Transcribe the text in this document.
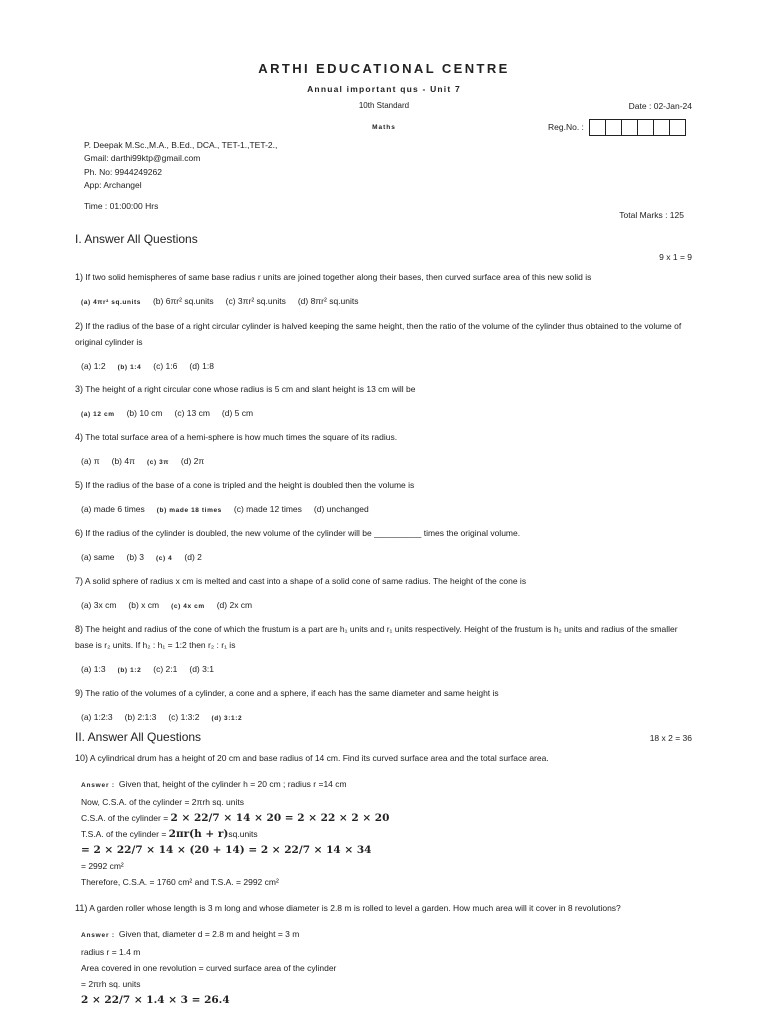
ARTHI EDUCATIONAL CENTRE
Annual important qus - Unit 7
10th Standard	Date : 02-Jan-24
Maths	Reg.No. :
P. Deepak M.Sc.,M.A., B.Ed., DCA., TET-1.,TET-2.,
Gmail: darthi99ktp@gmail.com
Ph. No: 9944249262
App: Archangel
Time : 01:00:00 Hrs
Total Marks : 125
I. Answer All Questions
9 x 1 = 9
1) If two solid hemispheres of same base radius r units are joined together along their bases, then curved surface area of this new solid is
(a) 4πr² sq.units (b) 6πr² sq.units (c) 3πr² sq.units (d) 8πr² sq.units
2) If the radius of the base of a right circular cylinder is halved keeping the same height, then the ratio of the volume of the cylinder thus obtained to the volume of original cylinder is
(a) 1:2 (b) 1:4 (c) 1:6 (d) 1:8
3) The height of a right circular cone whose radius is 5 cm and slant height is 13 cm will be
(a) 12 cm (b) 10 cm (c) 13 cm (d) 5 cm
4) The total surface area of a hemi-sphere is how much times the square of its radius.
(a) π (b) 4π (c) 3π (d) 2π
5) If the radius of the base of a cone is tripled and the height is doubled then the volume is
(a) made 6 times (b) made 18 times (c) made 12 times (d) unchanged
6) If the radius of the cylinder is doubled, the new volume of the cylinder will be __________ times the original volume.
(a) same (b) 3 (c) 4 (d) 2
7) A solid sphere of radius x cm is melted and cast into a shape of a solid cone of same radius. The height of the cone is
(a) 3x cm (b) x cm (c) 4x cm (d) 2x cm
8) The height and radius of the cone of which the frustum is a part are h₁ units and r₁ units respectively. Height of the frustum is h₂ units and radius of the smaller base is r₂ units. If h₂ : h₁ = 1:2 then r₂ : r₁ is
(a) 1:3 (b) 1:2 (c) 2:1 (d) 3:1
9) The ratio of the volumes of a cylinder, a cone and a sphere, if each has the same diameter and same height is
(a) 1:2:3 (b) 2:1:3 (c) 1:3:2 (d) 3:1:2
II. Answer All Questions	18 x 2 = 36
10) A cylindrical drum has a height of 20 cm and base radius of 14 cm. Find its curved surface area and the total surface area.
Answer : Given that, height of the cylinder h = 20 cm ; radius r =14 cm
Now, C.S.A. of the cylinder = 2πrh sq. units
C.S.A. of the cylinder = 2 × 22/7 × 14 × 20 = 2 × 22 × 2 × 20
T.S.A. of the cylinder = 2πr(h + r)sq.units
= 2 × 22/7 × 14 × (20 + 14) = 2 × 22/7 × 14 × 34
= 2992 cm²
Therefore, C.S.A. = 1760 cm² and T.S.A. = 2992 cm²
11) A garden roller whose length is 3 m long and whose diameter is 2.8 m is rolled to level a garden. How much area will it cover in 8 revolutions?
Answer : Given that, diameter d = 2.8 m and height = 3 m
radius r = 1.4 m
Area covered in one revolution = curved surface area of the cylinder
= 2πrh sq. units
2 × 22/7 × 1.4 × 3 = 26.4
